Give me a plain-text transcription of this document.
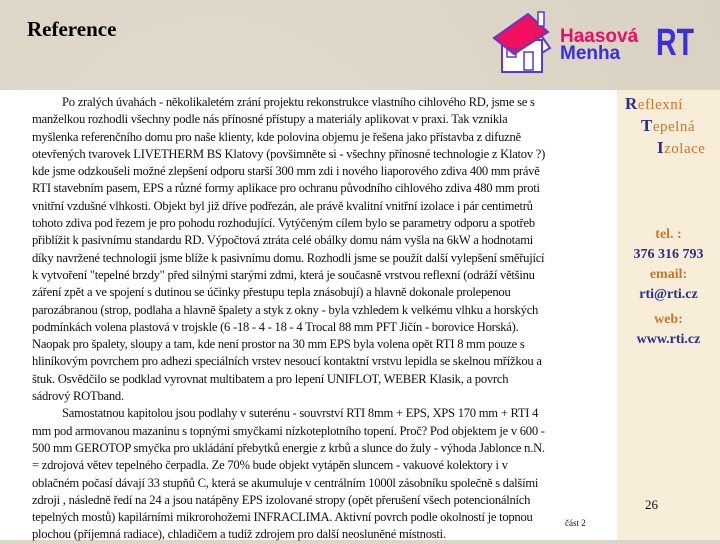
Reference	Haasová
Menha RT
Po zralých úvahách - několikaletém zrání projektu rekonstrukce vlastního cihlového RD, jsme se s
manželkou rozhodli všechny podle nás přínosné přístupy a materiály aplikovat v praxi. Tak vznikla
myšlenka referenčního domu pro naše klienty, kde polovina objemu je řešena jako přístavba z difuzně
otevřených tvarovek LIVETHERM BS Klatovy (povšimněte si - všechny přínosné technologie z Klatov ?)
kde jsme odzkoušeli možné zlepšení odporu starší 300 mm zdi i nového liaporového zdiva 400 mm právě
RTI stavebním pasem, EPS a různé formy aplikace pro ochranu původního cihlového zdiva 480 mm proti
vnitřní vzdušné vlhkosti. Objekt byl již dříve podřezán, ale právě kvalitní vnitřní izolace i pár centimetrů
tohoto zdiva pod řezem je pro pohodu rozhodující. Vytýčeným cílem bylo se parametry odporu a spotřeb
přiblížit k pasivnímu standardu RD. Výpočtová ztráta celé obálky domu nám vyšla na 6kW a hodnotami
díky navržené technologii jsme blíže k pasivnímu domu. Rozhodli jsme se použít další vylepšení směřující
k vytvoření "tepelné brzdy" před silnými starými zdmi, která je současně vrstvou reflexní (odráží většinu
záření zpět a ve spojení s dutinou se účinky přestupu tepla znásobují) a hlavně dokonale prolepenou
parozábranou (strop, podlaha a hlavně špalety a styk z okny - byla vzhledem k velkému vlhku a horských
podmínkách volena plastová v trojskle (6 -18 - 4 - 18 - 4 Trocal 88 mm PFT Jičín - borovice Horská).
Naopak pro špalety, sloupy a tam, kde není prostor na 30 mm EPS byla volena opět RTI 8 mm pouze s
hliníkovým povrchem pro adhezi speciálních vrstev nesoucí kontaktní vrstvu lepidla se skelnou mřížkou a
štuk. Osvědčilo se podklad vyrovnat multibatem a pro lepení UNIFLOT, WEBER Klasik, a povrch
sádrový ROTband.
Samostatnou kapitolou jsou podlahy v suterénu - souvrství RTI 8mm + EPS, XPS 170 mm + RTI 4
mm pod armovanou mazaninu s topnými smyčkami nízkoteplotního topení. Proč? Pod objektem je v 600 -
500 mm GEROTOP smyčka pro ukládání přebytků energie z krbů a slunce do žuly - výhoda Jablonce n.N.
= zdrojová větev tepelného čerpadla. Ze 70% bude objekt vytápěn sluncem - vakuové kolektory i v
oblačném počasí dávají 33 stupňů C, která se akumuluje v centrálním 1000l zásobníku společně s dalšími
zdroji , následně ředí na 24 a jsou natápěny EPS izolované stropy (opět přerušení všech potencionálních
tepelných mostů) kapilárními mikrorohožemi INFRACLIMA. Aktivní povrch podle okolností je topnou
plochou (příjemná radiace), chladičem a tudíž zdrojem pro další neosluněné místnosti.
část 2
Reflexní
Tepelná
Izolace
tel. :
376 316 793
email:
rti@rti.cz
web:
www.rti.cz
26
